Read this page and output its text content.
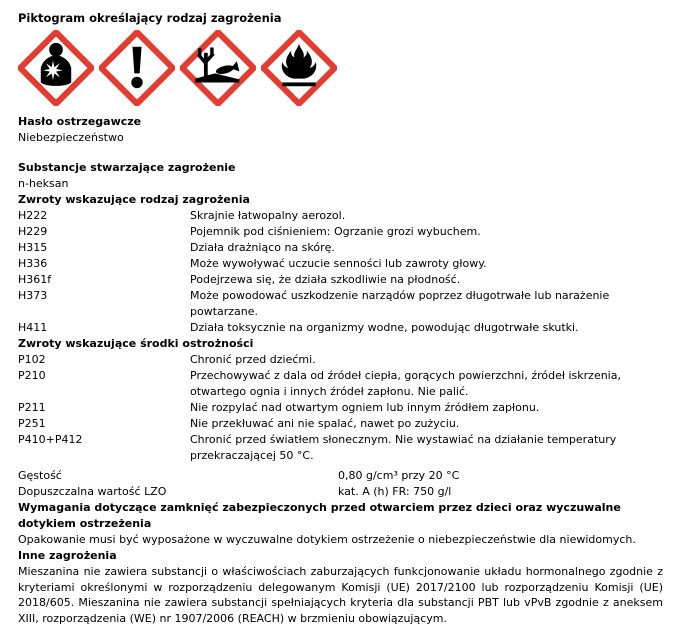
Piktogram określający rodzaj zagrożenia
Hasło ostrzegawcze
Niebezpieczeństwo
Substancje stwarzające zagrożenie
n-heksan
Zwroty wskazujące rodzaj zagrożenia
H222	Skrajnie łatwopalny aerozol.
H229	Pojemnik pod ciśnieniem: Ogrzanie grozi wybuchem.
H315	Działa drażniąco na skórę.
H336	Może wywoływać uczucie senności lub zawroty głowy.
H361f	Podejrzewa się, że działa szkodliwie na płodność.
H373	Może powodować uszkodzenie narządów poprzez długotrwałe lub narażenie powtarzane.
H411	Działa toksycznie na organizmy wodne, powodując długotrwałe skutki.
Zwroty wskazujące środki ostrożności
P102	Chronić przed dziećmi.
P210	Przechowywać z dala od źródeł ciepła, gorących powierzchni, źródeł iskrzenia, otwartego ognia i innych źródeł zapłonu. Nie palić.
P211	Nie rozpylać nad otwartym ogniem lub innym źródłem zapłonu.
P251	Nie przekłuwać ani nie spalać, nawet po zużyciu.
P410+P412	Chronić przed światłem słonecznym. Nie wystawiać na działanie temperatury przekraczającej 50 °C.
Gęstość	0,80 g/cm³ przy 20 °C
Dopuszczalna wartość LZO	kat. A (h) FR: 750 g/l
Wymagania dotyczące zamknięć zabezpieczonych przed otwarciem przez dzieci oraz wyczuwalne dotykiem ostrzeżenia
Opakowanie musi być wyposażone w wyczuwalne dotykiem ostrzeżenie o niebezpieczeństwie dla niewidomych.
Inne zagrożenia
Mieszanina nie zawiera substancji o właściwościach zaburzających funkcjonowanie układu hormonalnego zgodnie z kryteriami określonymi w rozporządzeniu delegowanym Komisji (UE) 2017/2100 lub rozporządzeniu Komisji (UE) 2018/605. Mieszanina nie zawiera substancji spełniających kryteria dla substancji PBT lub vPvB zgodnie z aneksem XIII, rozporządzenia (WE) nr 1907/2006 (REACH) w brzmieniu obowiązującym.
